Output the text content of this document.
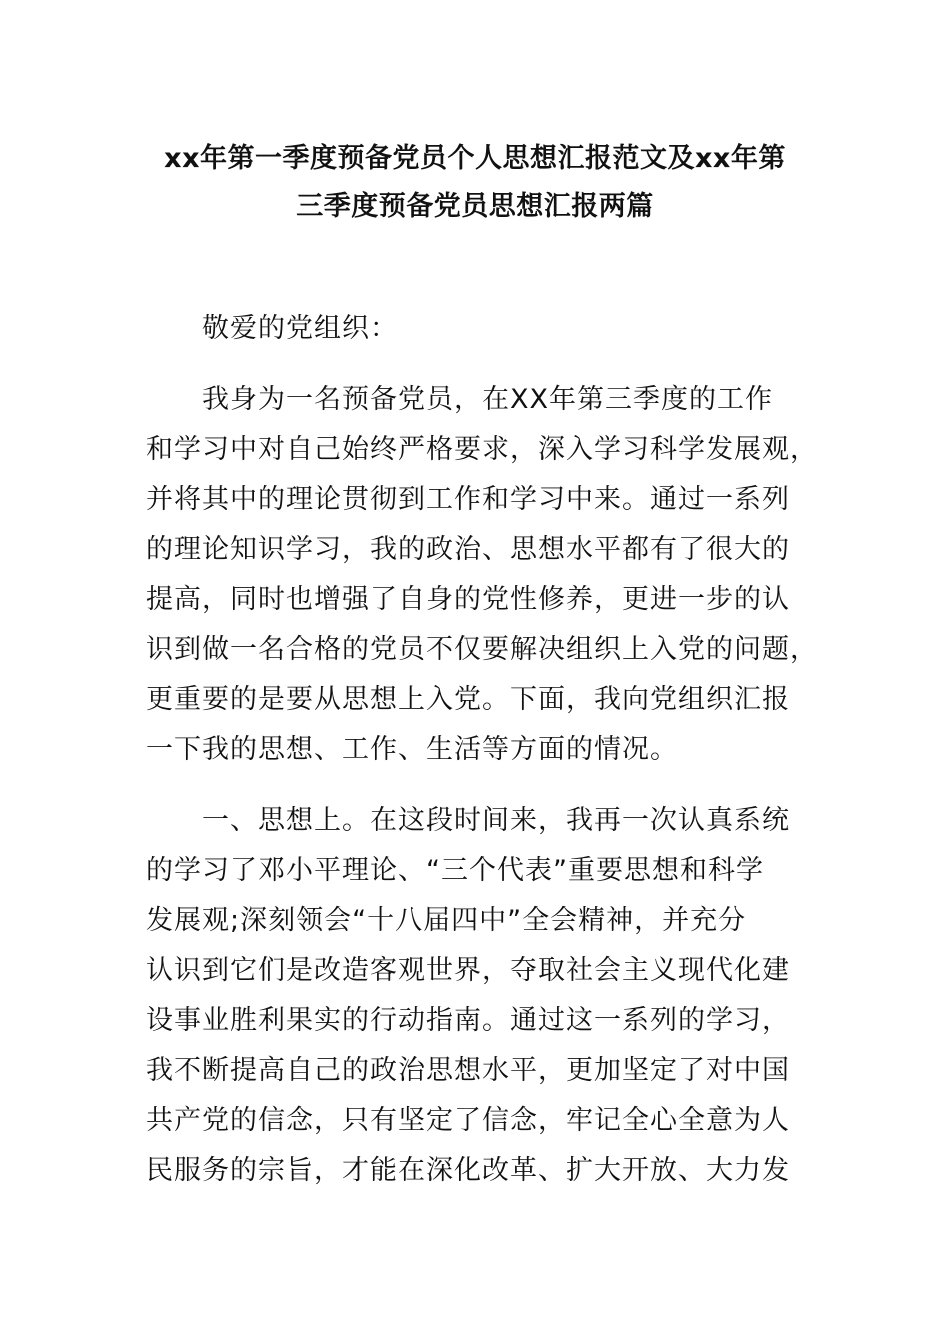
xx年第一季度预备党员个人思想汇报范文及xx年第
三季度预备党员思想汇报两篇
敬爱的党组织：
我身为一名预备党员，在XX年第三季度的工作
和学习中对自己始终严格要求，深入学习科学发展观，
并将其中的理论贯彻到工作和学习中来。通过一系列
的理论知识学习，我的政治、思想水平都有了很大的
提高，同时也增强了自身的党性修养，更进一步的认
识到做一名合格的党员不仅要解决组织上入党的问题，
更重要的是要从思想上入党。下面，我向党组织汇报
一下我的思想、工作、生活等方面的情况。
一、思想上。在这段时间来，我再一次认真系统
的学习了邓小平理论、“三个代表”重要思想和科学
发展观;深刻领会“十八届四中”全会精神，并充分
认识到它们是改造客观世界，夺取社会主义现代化建
设事业胜利果实的行动指南。通过这一系列的学习，
我不断提高自己的政治思想水平，更加坚定了对中国
共产党的信念，只有坚定了信念，牢记全心全意为人
民服务的宗旨，才能在深化改革、扩大开放、大力发
